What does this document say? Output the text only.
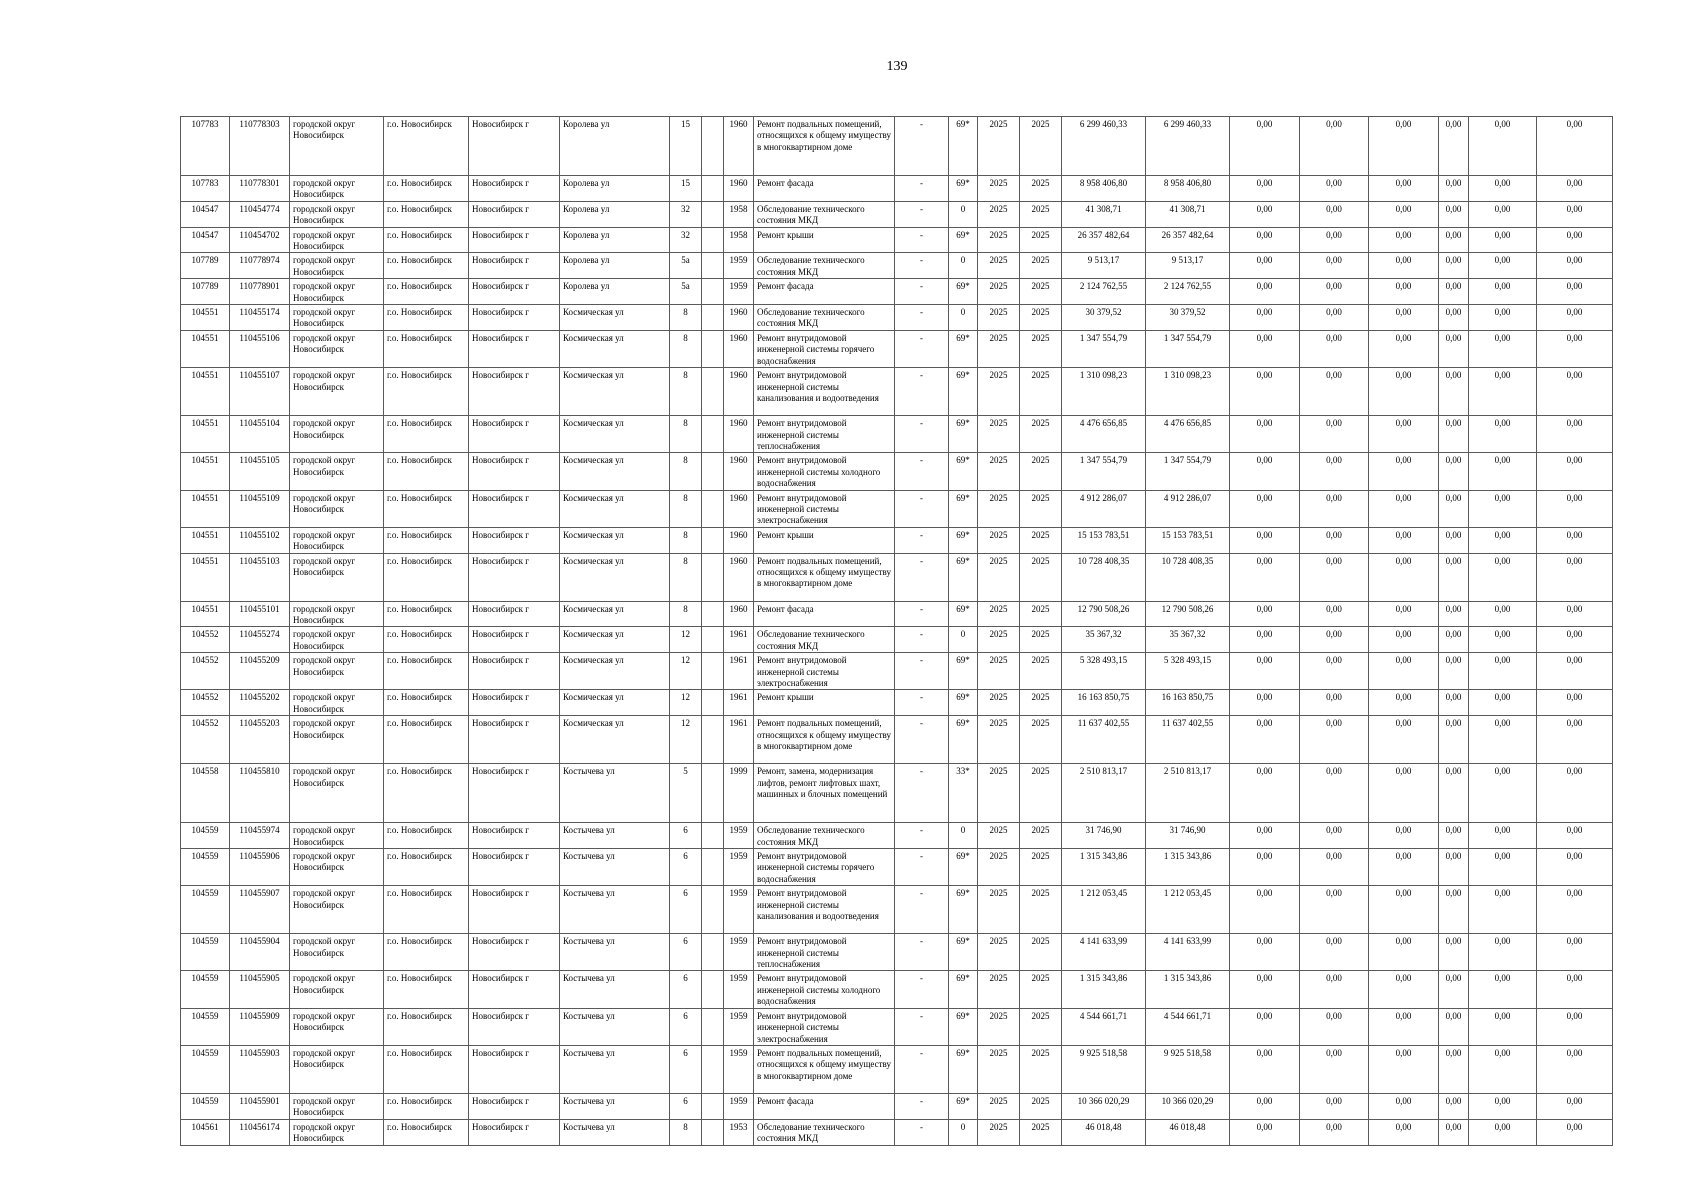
139
107783	110778303	городской округ Новосибирск	г.о. Новосибирск	Новосибирск г	Королева ул	15		1960	Ремонт подвальных помещений, относящихся к общему имуществу в многоквартирном доме	-	69*	2025	2025	6 299 460,33	6 299 460,33	0,00	0,00	0,00	0,00	0,00	0,00
107783	110778301	городской округ Новосибирск	г.о. Новосибирск	Новосибирск г	Королева ул	15		1960	Ремонт фасада	-	69*	2025	2025	8 958 406,80	8 958 406,80	0,00	0,00	0,00	0,00	0,00	0,00
104547	110454774	городской округ Новосибирск	г.о. Новосибирск	Новосибирск г	Королева ул	32		1958	Обследование технического состояния МКД	-	0	2025	2025	41 308,71	41 308,71	0,00	0,00	0,00	0,00	0,00	0,00
104547	110454702	городской округ Новосибирск	г.о. Новосибирск	Новосибирск г	Королева ул	32		1958	Ремонт крыши	-	69*	2025	2025	26 357 482,64	26 357 482,64	0,00	0,00	0,00	0,00	0,00	0,00
107789	110778974	городской округ Новосибирск	г.о. Новосибирск	Новосибирск г	Королева ул	5а		1959	Обследование технического состояния МКД	-	0	2025	2025	9 513,17	9 513,17	0,00	0,00	0,00	0,00	0,00	0,00
107789	110778901	городской округ Новосибирск	г.о. Новосибирск	Новосибирск г	Королева ул	5а		1959	Ремонт фасада	-	69*	2025	2025	2 124 762,55	2 124 762,55	0,00	0,00	0,00	0,00	0,00	0,00
104551	110455174	городской округ Новосибирск	г.о. Новосибирск	Новосибирск г	Космическая ул	8		1960	Обследование технического состояния МКД	-	0	2025	2025	30 379,52	30 379,52	0,00	0,00	0,00	0,00	0,00	0,00
104551	110455106	городской округ Новосибирск	г.о. Новосибирск	Новосибирск г	Космическая ул	8		1960	Ремонт внутридомовой инженерной системы горячего водоснабжения	-	69*	2025	2025	1 347 554,79	1 347 554,79	0,00	0,00	0,00	0,00	0,00	0,00
104551	110455107	городской округ Новосибирск	г.о. Новосибирск	Новосибирск г	Космическая ул	8		1960	Ремонт внутридомовой инженерной системы канализования и водоотведения	-	69*	2025	2025	1 310 098,23	1 310 098,23	0,00	0,00	0,00	0,00	0,00	0,00
104551	110455104	городской округ Новосибирск	г.о. Новосибирск	Новосибирск г	Космическая ул	8		1960	Ремонт внутридомовой инженерной системы теплоснабжения	-	69*	2025	2025	4 476 656,85	4 476 656,85	0,00	0,00	0,00	0,00	0,00	0,00
104551	110455105	городской округ Новосибирск	г.о. Новосибирск	Новосибирск г	Космическая ул	8		1960	Ремонт внутридомовой инженерной системы холодного водоснабжения	-	69*	2025	2025	1 347 554,79	1 347 554,79	0,00	0,00	0,00	0,00	0,00	0,00
104551	110455109	городской округ Новосибирск	г.о. Новосибирск	Новосибирск г	Космическая ул	8		1960	Ремонт внутридомовой инженерной системы электроснабжения	-	69*	2025	2025	4 912 286,07	4 912 286,07	0,00	0,00	0,00	0,00	0,00	0,00
104551	110455102	городской округ Новосибирск	г.о. Новосибирск	Новосибирск г	Космическая ул	8		1960	Ремонт крыши	-	69*	2025	2025	15 153 783,51	15 153 783,51	0,00	0,00	0,00	0,00	0,00	0,00
104551	110455103	городской округ Новосибирск	г.о. Новосибирск	Новосибирск г	Космическая ул	8		1960	Ремонт подвальных помещений, относящихся к общему имуществу в многоквартирном доме	-	69*	2025	2025	10 728 408,35	10 728 408,35	0,00	0,00	0,00	0,00	0,00	0,00
104551	110455101	городской округ Новосибирск	г.о. Новосибирск	Новосибирск г	Космическая ул	8		1960	Ремонт фасада	-	69*	2025	2025	12 790 508,26	12 790 508,26	0,00	0,00	0,00	0,00	0,00	0,00
104552	110455274	городской округ Новосибирск	г.о. Новосибирск	Новосибирск г	Космическая ул	12		1961	Обследование технического состояния МКД	-	0	2025	2025	35 367,32	35 367,32	0,00	0,00	0,00	0,00	0,00	0,00
104552	110455209	городской округ Новосибирск	г.о. Новосибирск	Новосибирск г	Космическая ул	12		1961	Ремонт внутридомовой инженерной системы электроснабжения	-	69*	2025	2025	5 328 493,15	5 328 493,15	0,00	0,00	0,00	0,00	0,00	0,00
104552	110455202	городской округ Новосибирск	г.о. Новосибирск	Новосибирск г	Космическая ул	12		1961	Ремонт крыши	-	69*	2025	2025	16 163 850,75	16 163 850,75	0,00	0,00	0,00	0,00	0,00	0,00
104552	110455203	городской округ Новосибирск	г.о. Новосибирск	Новосибирск г	Космическая ул	12		1961	Ремонт подвальных помещений, относящихся к общему имуществу в многоквартирном доме	-	69*	2025	2025	11 637 402,55	11 637 402,55	0,00	0,00	0,00	0,00	0,00	0,00
104558	110455810	городской округ Новосибирск	г.о. Новосибирск	Новосибирск г	Костычева ул	5		1999	Ремонт, замена, модернизация лифтов, ремонт лифтовых шахт, машинных и блочных помещений	-	33*	2025	2025	2 510 813,17	2 510 813,17	0,00	0,00	0,00	0,00	0,00	0,00
104559	110455974	городской округ Новосибирск	г.о. Новосибирск	Новосибирск г	Костычева ул	6		1959	Обследование технического состояния МКД	-	0	2025	2025	31 746,90	31 746,90	0,00	0,00	0,00	0,00	0,00	0,00
104559	110455906	городской округ Новосибирск	г.о. Новосибирск	Новосибирск г	Костычева ул	6		1959	Ремонт внутридомовой инженерной системы горячего водоснабжения	-	69*	2025	2025	1 315 343,86	1 315 343,86	0,00	0,00	0,00	0,00	0,00	0,00
104559	110455907	городской округ Новосибирск	г.о. Новосибирск	Новосибирск г	Костычева ул	6		1959	Ремонт внутридомовой инженерной системы канализования и водоотведения	-	69*	2025	2025	1 212 053,45	1 212 053,45	0,00	0,00	0,00	0,00	0,00	0,00
104559	110455904	городской округ Новосибирск	г.о. Новосибирск	Новосибирск г	Костычева ул	6		1959	Ремонт внутридомовой инженерной системы теплоснабжения	-	69*	2025	2025	4 141 633,99	4 141 633,99	0,00	0,00	0,00	0,00	0,00	0,00
104559	110455905	городской округ Новосибирск	г.о. Новосибирск	Новосибирск г	Костычева ул	6		1959	Ремонт внутридомовой инженерной системы холодного водоснабжения	-	69*	2025	2025	1 315 343,86	1 315 343,86	0,00	0,00	0,00	0,00	0,00	0,00
104559	110455909	городской округ Новосибирск	г.о. Новосибирск	Новосибирск г	Костычева ул	6		1959	Ремонт внутридомовой инженерной системы электроснабжения	-	69*	2025	2025	4 544 661,71	4 544 661,71	0,00	0,00	0,00	0,00	0,00	0,00
104559	110455903	городской округ Новосибирск	г.о. Новосибирск	Новосибирск г	Костычева ул	6		1959	Ремонт подвальных помещений, относящихся к общему имуществу в многоквартирном доме	-	69*	2025	2025	9 925 518,58	9 925 518,58	0,00	0,00	0,00	0,00	0,00	0,00
104559	110455901	городской округ Новосибирск	г.о. Новосибирск	Новосибирск г	Костычева ул	6		1959	Ремонт фасада	-	69*	2025	2025	10 366 020,29	10 366 020,29	0,00	0,00	0,00	0,00	0,00	0,00
104561	110456174	городской округ Новосибирск	г.о. Новосибирск	Новосибирск г	Костычева ул	8		1953	Обследование технического состояния МКД	-	0	2025	2025	46 018,48	46 018,48	0,00	0,00	0,00	0,00	0,00	0,00
